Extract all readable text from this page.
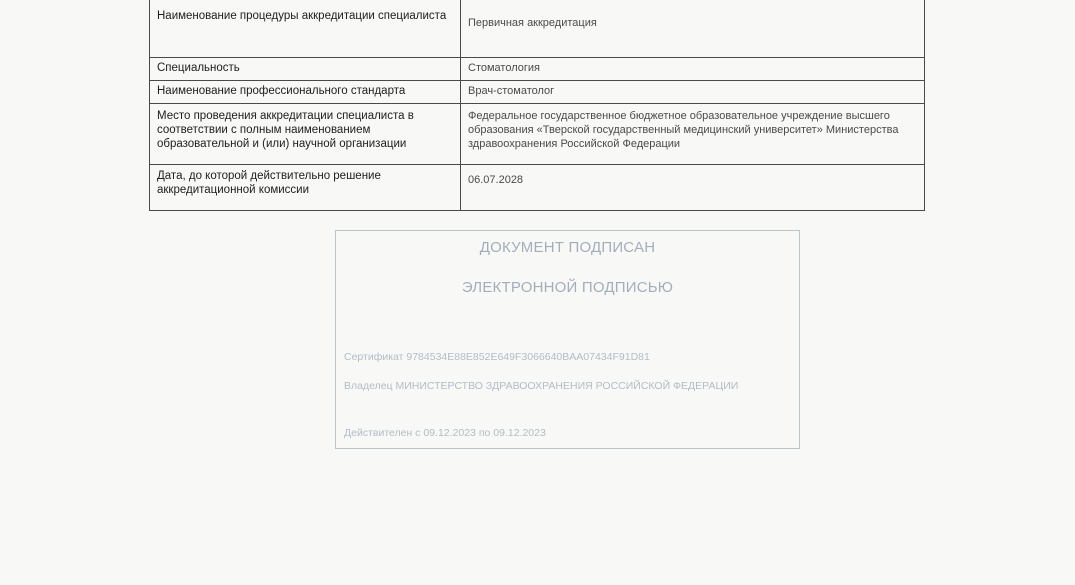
Наименование процедуры аккредитации специалиста	Первичная аккредитация
Специальность	Стоматология
Наименование профессионального стандарта	Врач-стоматолог
Место проведения аккредитации специалиста в соответствии с полным наименованием образовательной и (или) научной организации	Федеральное государственное бюджетное образовательное учреждение высшего образования «Тверской государственный медицинский университет» Министерства здравоохранения Российской Федерации
Дата, до которой действительно решение аккредитационной комиссии	06.07.2028
ДОКУМЕНТ ПОДПИСАН
ЭЛЕКТРОННОЙ ПОДПИСЬЮ
Сертификат 9784534E88E852E649F3066640BAA07434F91D81
Владелец МИНИСТЕРСТВО ЗДРАВООХРАНЕНИЯ РОССИЙСКОЙ ФЕДЕРАЦИИ
Действителен с 09.12.2023 по 09.12.2023
